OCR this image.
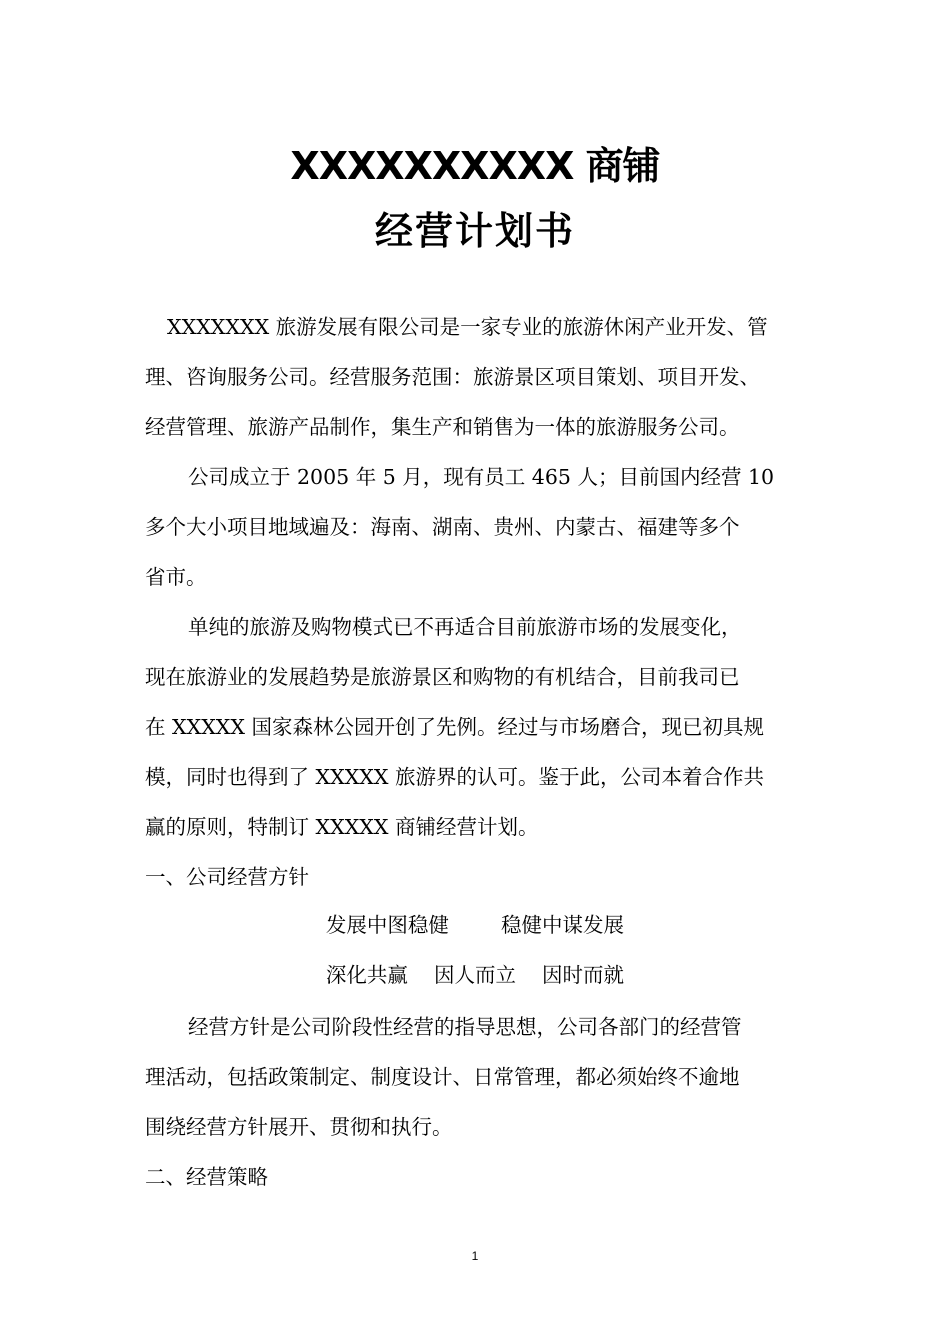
XXXXXXXXXX 商铺
经营计划书
XXXXXXX 旅游发展有限公司是一家专业的旅游休闲产业开发、管
理、咨询服务公司。经营服务范围：旅游景区项目策划、项目开发、
经营管理、旅游产品制作，集生产和销售为一体的旅游服务公司。
公司成立于 2005 年 5 月，现有员工 465 人；目前国内经营 10
多个大小项目地域遍及：海南、湖南、贵州、内蒙古、福建等多个
省市。
单纯的旅游及购物模式已不再适合目前旅游市场的发展变化，
现在旅游业的发展趋势是旅游景区和购物的有机结合，目前我司已
在 XXXXX 国家森林公园开创了先例。经过与市场磨合，现已初具规
模，同时也得到了 XXXXX 旅游界的认可。鉴于此，公司本着合作共
赢的原则，特制订 XXXXX 商铺经营计划。
一、公司经营方针
发展中图稳健        稳健中谋发展
深化共赢    因人而立    因时而就
经营方针是公司阶段性经营的指导思想，公司各部门的经营管
理活动，包括政策制定、制度设计、日常管理，都必须始终不逾地
围绕经营方针展开、贯彻和执行。
二、经营策略
1
